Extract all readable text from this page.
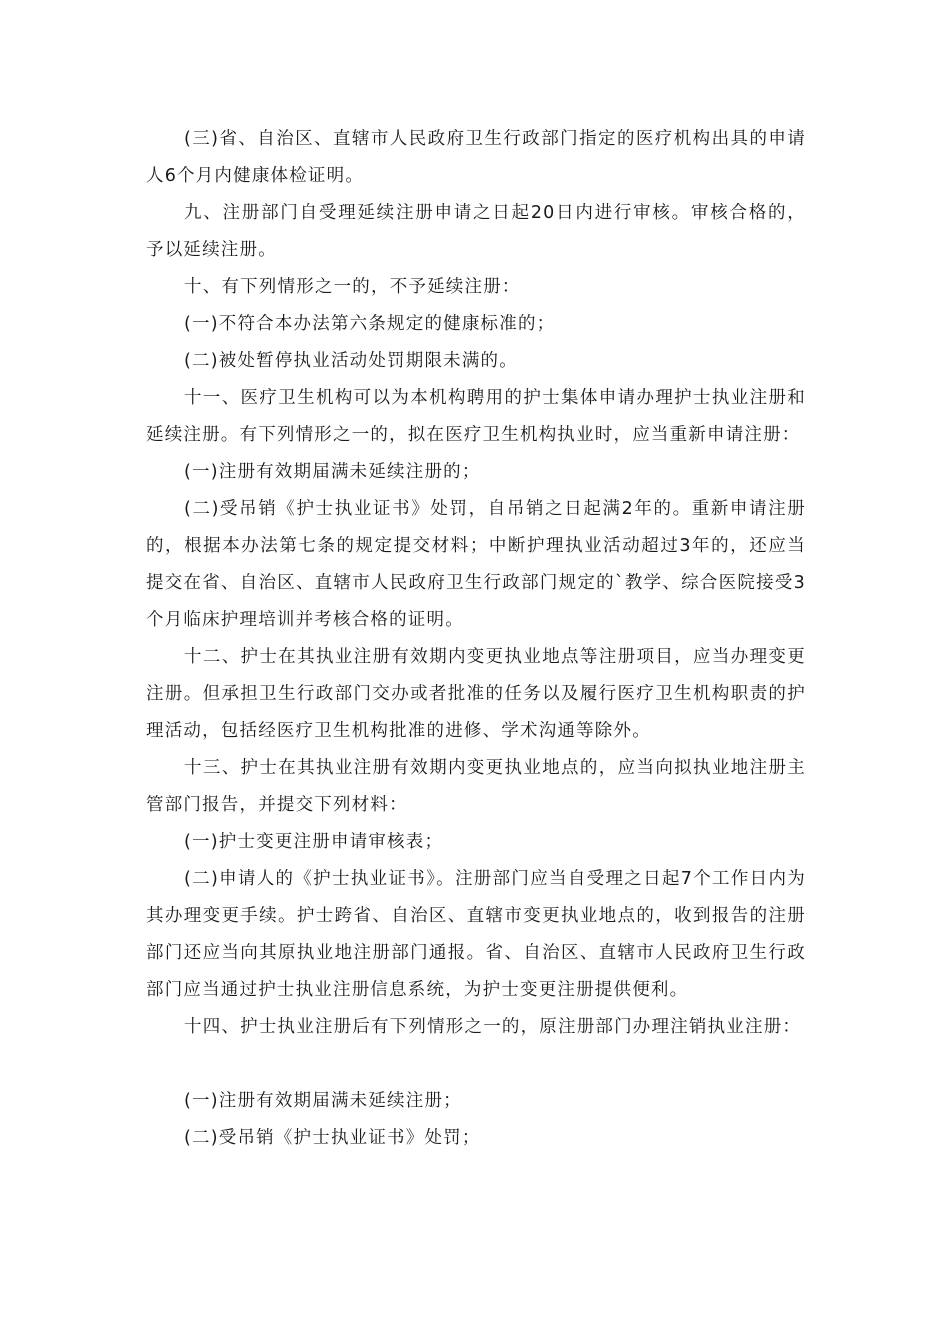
(三)省、自治区、直辖市人民政府卫生行政部门指定的医疗机构出具的申请人6个月内健康体检证明。

九、注册部门自受理延续注册申请之日起20日内进行审核。审核合格的，予以延续注册。

十、有下列情形之一的，不予延续注册：

(一)不符合本办法第六条规定的健康标准的；

(二)被处暂停执业活动处罚期限未满的。

十一、医疗卫生机构可以为本机构聘用的护士集体申请办理护士执业注册和延续注册。有下列情形之一的，拟在医疗卫生机构执业时，应当重新申请注册：

(一)注册有效期届满未延续注册的；

(二)受吊销《护士执业证书》处罚，自吊销之日起满2年的。重新申请注册的，根据本办法第七条的规定提交材料；中断护理执业活动超过3年的，还应当提交在省、自治区、直辖市人民政府卫生行政部门规定的`教学、综合医院接受3个月临床护理培训并考核合格的证明。

十二、护士在其执业注册有效期内变更执业地点等注册项目，应当办理变更注册。但承担卫生行政部门交办或者批准的任务以及履行医疗卫生机构职责的护理活动，包括经医疗卫生机构批准的进修、学术沟通等除外。

十三、护士在其执业注册有效期内变更执业地点的，应当向拟执业地注册主管部门报告，并提交下列材料：

(一)护士变更注册申请审核表；

(二)申请人的《护士执业证书》。注册部门应当自受理之日起7个工作日内为其办理变更手续。护士跨省、自治区、直辖市变更执业地点的，收到报告的注册部门还应当向其原执业地注册部门通报。省、自治区、直辖市人民政府卫生行政部门应当通过护士执业注册信息系统，为护士变更注册提供便利。

十四、护士执业注册后有下列情形之一的，原注册部门办理注销执业注册：

(一)注册有效期届满未延续注册；

(二)受吊销《护士执业证书》处罚；
